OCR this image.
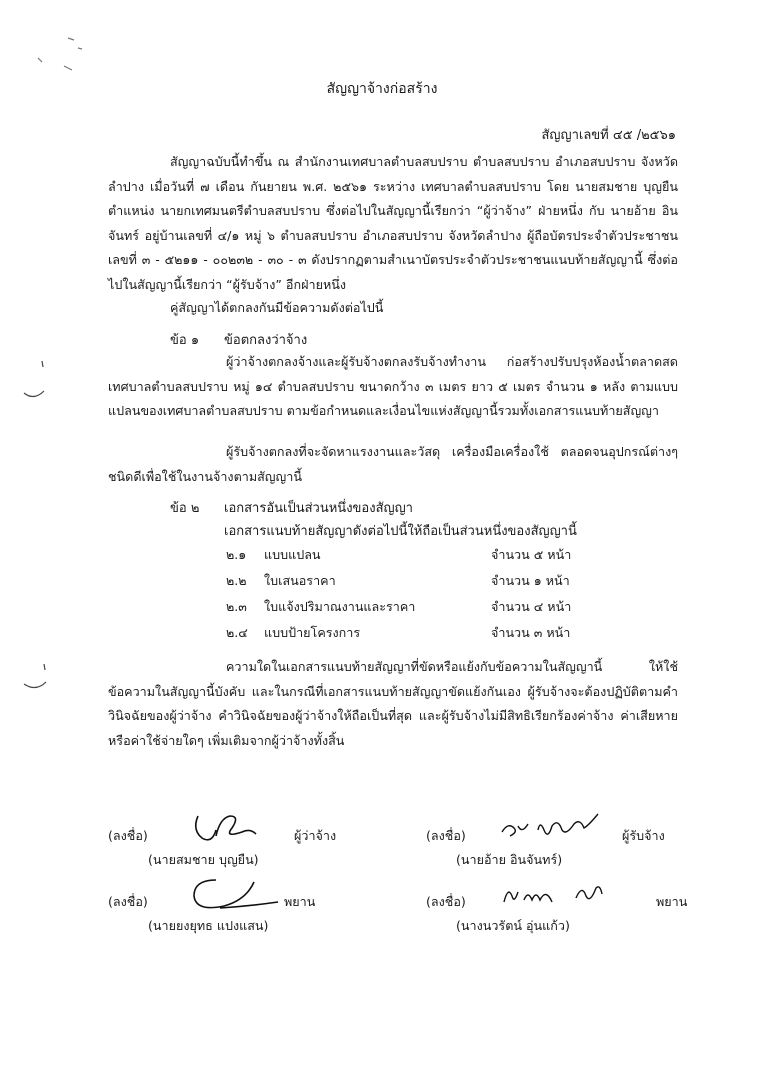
สัญญาจ้างก่อสร้าง
สัญญาเลขที่ ๔๕ /๒๕๖๑
สัญญาฉบับนี้ทำขึ้น ณ สำนักงานเทศบาลตำบลสบปราบ ตำบลสบปราบ อำเภอสบปราบ จังหวัดลำปาง เมื่อวันที่ ๗ เดือน กันยายน พ.ศ. ๒๕๖๑ ระหว่าง เทศบาลตำบลสบปราบ โดย นายสมชาย บุญยืน ตำแหน่ง นายกเทศมนตรีตำบลสบปราบ ซึ่งต่อไปในสัญญานี้เรียกว่า “ผู้ว่าจ้าง” ฝ่ายหนึ่ง กับ นายอ้าย อินจันทร์ อยู่บ้านเลขที่ ๔/๑ หมู่ ๖ ตำบลสบปราบ อำเภอสบปราบ จังหวัดลำปาง ผู้ถือบัตรประจำตัวประชาชนเลขที่ ๓ - ๕๒๑๑ - ๐๐๒๓๒ - ๓๐ - ๓ ดังปรากฏตามสำเนาบัตรประจำตัวประชาชนแนบท้ายสัญญานี้ ซึ่งต่อไปในสัญญานี้เรียกว่า “ผู้รับจ้าง” อีกฝ่ายหนึ่ง
คู่สัญญาได้ตกลงกันมีข้อความดังต่อไปนี้
ข้อ ๑ ข้อตกลงว่าจ้าง
ผู้ว่าจ้างตกลงจ้างและผู้รับจ้างตกลงรับจ้างทำงาน ก่อสร้างปรับปรุงห้องน้ำตลาดสดเทศบาลตำบลสบปราบ หมู่ ๑๔ ตำบลสบปราบ ขนาดกว้าง ๓ เมตร ยาว ๕ เมตร จำนวน ๑ หลัง ตามแบบแปลนของเทศบาลตำบลสบปราบ ตามข้อกำหนดและเงื่อนไขแห่งสัญญานี้รวมทั้งเอกสารแนบท้ายสัญญา
ผู้รับจ้างตกลงที่จะจัดหาแรงงานและวัสดุ เครื่องมือเครื่องใช้ ตลอดจนอุปกรณ์ต่างๆ ชนิดดีเพื่อใช้ในงานจ้างตามสัญญานี้
ข้อ ๒ เอกสารอันเป็นส่วนหนึ่งของสัญญา
เอกสารแนบท้ายสัญญาดังต่อไปนี้ให้ถือเป็นส่วนหนึ่งของสัญญานี้
๒.๑	แบบแปลน	จำนวน ๕ หน้า
๒.๒	ใบเสนอราคา	จำนวน ๑ หน้า
๒.๓	ใบแจ้งปริมาณงานและราคา	จำนวน ๔ หน้า
๒.๔	แบบป้ายโครงการ	จำนวน ๓ หน้า
ความใดในเอกสารแนบท้ายสัญญาที่ขัดหรือแย้งกับข้อความในสัญญานี้ ให้ใช้ข้อความในสัญญานี้บังคับ และในกรณีที่เอกสารแนบท้ายสัญญาขัดแย้งกันเอง ผู้รับจ้างจะต้องปฏิบัติตามคำวินิจฉัยของผู้ว่าจ้าง คำวินิจฉัยของผู้ว่าจ้างให้ถือเป็นที่สุด และผู้รับจ้างไม่มีสิทธิเรียกร้องค่าจ้าง ค่าเสียหายหรือค่าใช้จ่ายใดๆ เพิ่มเติมจากผู้ว่าจ้างทั้งสิ้น
(ลงชื่อ)	ผู้ว่าจ้าง
(นายสมชาย บุญยืน)
(ลงชื่อ)	ผู้รับจ้าง
(นายอ้าย อินจันทร์)
(ลงชื่อ)	พยาน
(นายยงยุทธ แปงแสน)
(ลงชื่อ)	พยาน
(นางนวรัตน์ อุ่นแก้ว)
